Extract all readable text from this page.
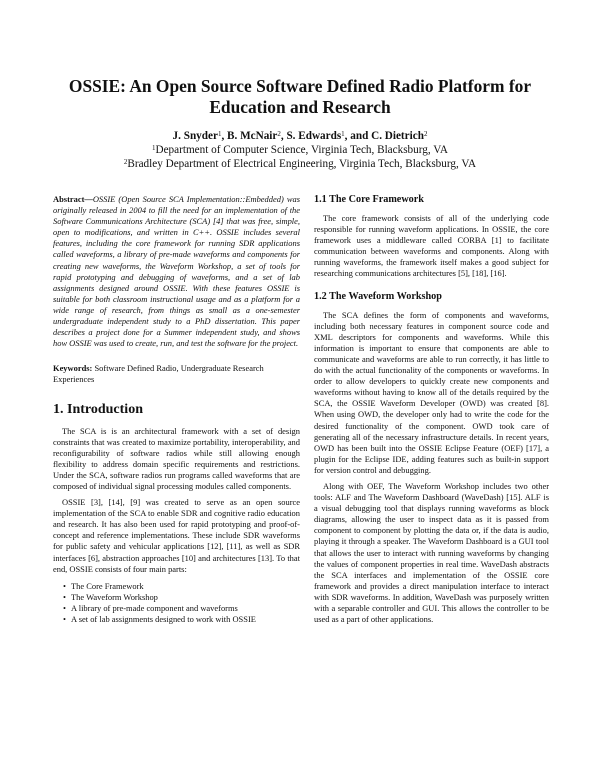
OSSIE: An Open Source Software Defined Radio Platform for Education and Research
J. Snyder$^1$, B. McNair$^2$, S. Edwards$^1$, and C. Dietrich$^2$
$^1$Department of Computer Science, Virginia Tech, Blacksburg, VA
$^2$Bradley Department of Electrical Engineering, Virginia Tech, Blacksburg, VA

Abstract—OSSIE (Open Source SCA Implementation::Embedded) was originally released in 2004 to fill the need for an implementation of the Software Communications Architecture (SCA) [4] that was free, simple, open to modifications, and written in C++. OSSIE includes several features, including the core framework for running SDR applications called waveforms, a library of pre-made waveforms and components for creating new waveforms, the Waveform Workshop, a set of tools for rapid prototyping and debugging of waveforms, and a set of lab assignments designed around OSSIE. With these features OSSIE is suitable for both classroom instructional usage and as a platform for a wide range of research, from things as small as a one-semester undergraduate independent study to a PhD dissertation. This paper describes a project done for a Summer independent study, and shows how OSSIE was used to create, run, and test the software for the project.

Keywords: Software Defined Radio, Undergraduate Research Experiences

1. Introduction

The SCA is is an architectural framework with a set of design constraints that was created to maximize portability, interoperability, and reconfigurability of software radios while still allowing enough flexibility to address domain specific requirements and restrictions. Under the SCA, software radios run programs called waveforms that are composed of individual signal processing modules called components.

OSSIE [3], [14], [9] was created to serve as an open source implementation of the SCA to enable SDR and cognitive radio education and research. It has also been used for rapid prototyping and proof-of-concept and reference implementations. These include SDR waveforms for public safety and vehicular applications [12], [11], as well as SDR interfaces [6], abstraction approaches [10] and architectures [13]. To that end, OSSIE consists of four main parts:

• The Core Framework
• The Waveform Workshop
• A library of pre-made component and waveforms
• A set of lab assignments designed to work with OSSIE
1.1 The Core Framework

The core framework consists of all of the underlying code responsible for running waveform applications. In OSSIE, the core framework uses a middleware called CORBA [1] to facilitate communication between waveforms and components. Along with running waveforms, the framework itself makes a good subject for researching communications architectures [5], [18], [16].

1.2 The Waveform Workshop

The SCA defines the form of components and waveforms, including both necessary features in component source code and XML descriptors for components and waveforms. While this information is important to ensure that components are able to communicate and waveforms are able to run correctly, it has little to do with the actual functionality of the components or waveforms. In order to allow developers to quickly create new components and waveforms without having to know all of the details required by the SCA, the OSSIE Waveform Developer (OWD) was created [8]. When using OWD, the developer only had to write the code for the desired functionality of the component. OWD took care of generating all of the necessary infrastructure details. In recent years, OWD has been built into the OSSIE Eclipse Feature (OEF) [17], a plugin for the Eclipse IDE, adding features such as built-in support for version control and debugging.

Along with OEF, The Waveform Workshop includes two other tools: ALF and The Waveform Dashboard (WaveDash) [15]. ALF is a visual debugging tool that displays running waveforms as block diagrams, allowing the user to inspect data as it is passed from component to component by plotting the data or, if the data is audio, playing it through a speaker. The Waveform Dashboard is a GUI tool that allows the user to interact with running waveforms by changing the values of component properties in real time. WaveDash abstracts the SCA interfaces and implementation of the OSSIE core framework and provides a direct manipulation interface to interact with SDR waveforms. In addition, WaveDash was purposely written with a separable controller and GUI. This allows the controller to be used as a part of other applications.
